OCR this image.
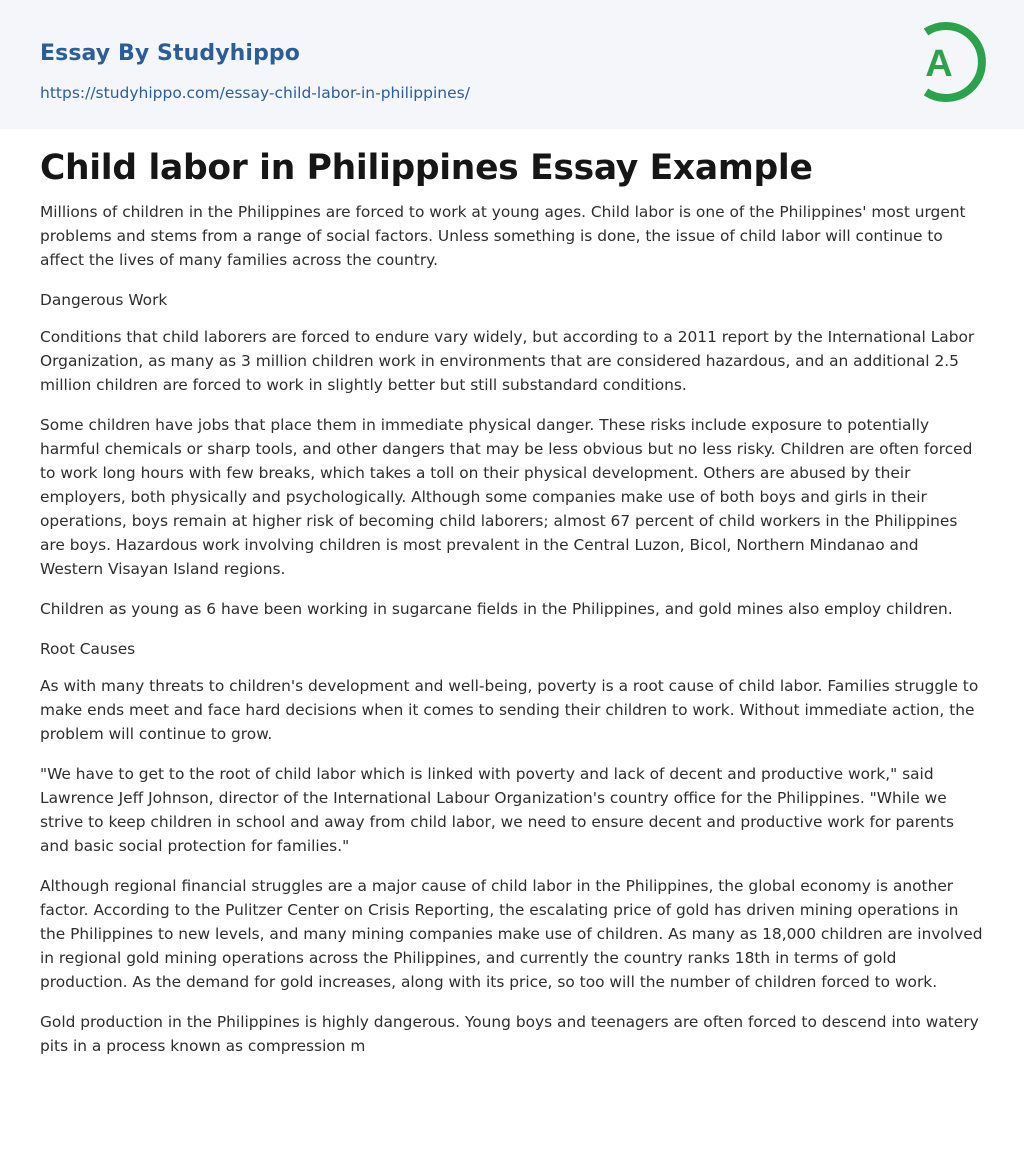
Essay By Studyhippo
https://studyhippo.com/essay-child-labor-in-philippines/
A
Child labor in Philippines Essay Example

Millions of children in the Philippines are forced to work at young ages. Child labor is one of the Philippines' most urgent problems and stems from a range of social factors. Unless something is done, the issue of child labor will continue to affect the lives of many families across the country.

Dangerous Work

Conditions that child laborers are forced to endure vary widely, but according to a 2011 report by the International Labor Organization, as many as 3 million children work in environments that are considered hazardous, and an additional 2.5 million children are forced to work in slightly better but still substandard conditions.

Some children have jobs that place them in immediate physical danger. These risks include exposure to potentially harmful chemicals or sharp tools, and other dangers that may be less obvious but no less risky. Children are often forced to work long hours with few breaks, which takes a toll on their physical development. Others are abused by their employers, both physically and psychologically. Although some companies make use of both boys and girls in their operations, boys remain at higher risk of becoming child laborers; almost 67 percent of child workers in the Philippines are boys. Hazardous work involving children is most prevalent in the Central Luzon, Bicol, Northern Mindanao and Western Visayan Island regions.

Children as young as 6 have been working in sugarcane fields in the Philippines, and gold mines also employ children.

Root Causes

As with many threats to children's development and well-being, poverty is a root cause of child labor. Families struggle to make ends meet and face hard decisions when it comes to sending their children to work. Without immediate action, the problem will continue to grow.

"We have to get to the root of child labor which is linked with poverty and lack of decent and productive work," said Lawrence Jeff Johnson, director of the International Labour Organization's country office for the Philippines. "While we strive to keep children in school and away from child labor, we need to ensure decent and productive work for parents and basic social protection for families."

Although regional financial struggles are a major cause of child labor in the Philippines, the global economy is another factor. According to the Pulitzer Center on Crisis Reporting, the escalating price of gold has driven mining operations in the Philippines to new levels, and many mining companies make use of children. As many as 18,000 children are involved in regional gold mining operations across the Philippines, and currently the country ranks 18th in terms of gold production. As the demand for gold increases, along with its price, so too will the number of children forced to work.

Gold production in the Philippines is highly dangerous. Young boys and teenagers are often forced to descend into watery pits in a process known as compression m
